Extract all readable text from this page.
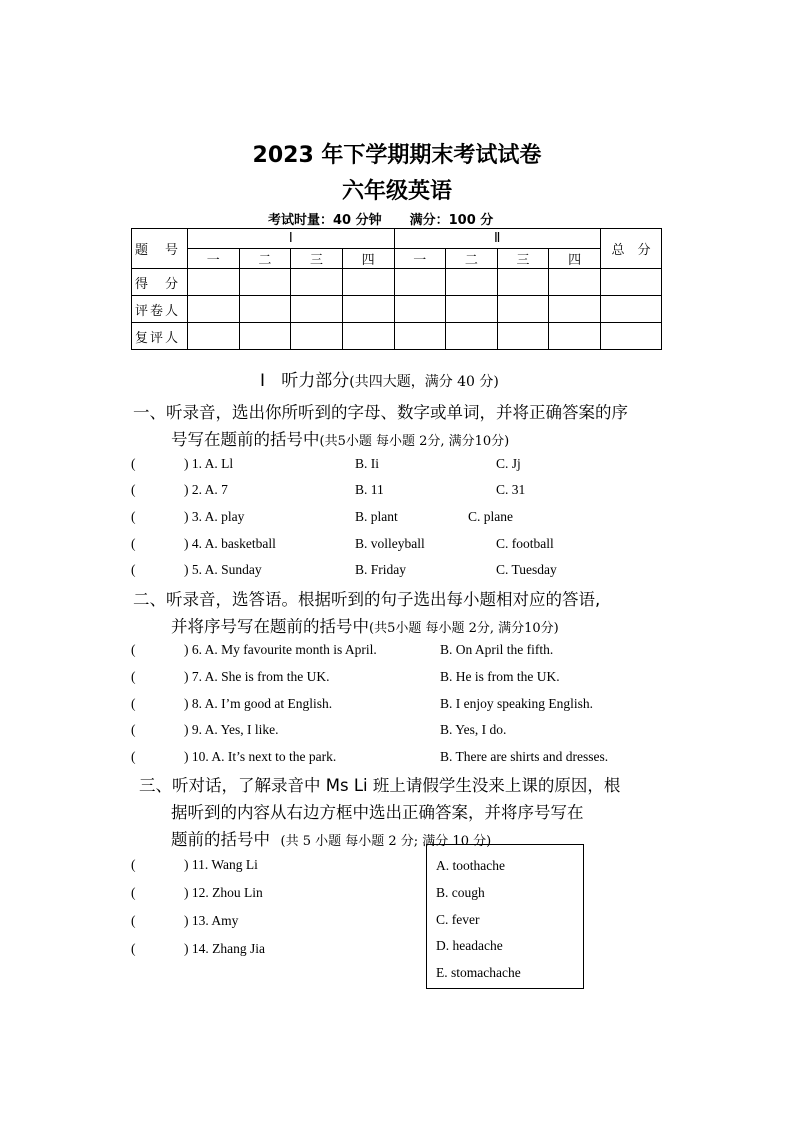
2023 年下学期期末考试试卷
六年级英语
考试时量：40 分钟 满分：100 分
题　号	Ⅰ				Ⅱ				总　分
	一	二	三	四	一	二	三	四	
得　分									
评卷人									
复评人									
Ⅰ 听力部分(共四大题，满分 40 分)
一、听录音，选出你所听到的字母、数字或单词，并将正确答案的序
号写在题前的括号中(共5小题 每小题 2分, 满分10分)
(	) 1. A. Ll	B. Ii	C. Jj
(	) 2. A. 7	B. 11	C. 31
(	) 3. A. play	B. plant	C. plane
(	) 4. A. basketball	B. volleyball	C. football
(	) 5. A. Sunday	B. Friday	C. Tuesday
二、听录音，选答语。根据听到的句子选出每小题相对应的答语,
并将序号写在题前的括号中(共5小题 每小题 2分, 满分10分)
(	) 6. A. My favourite month is April.	B. On April the fifth.
(	) 7. A. She is from the UK.	B. He is from the UK.
(	) 8. A. I’m good at English.	B. I enjoy speaking English.
(	) 9. A. Yes, I like.	B. Yes, I do.
(	) 10. A. It’s next to the park.	B. There are shirts and dresses.
三、听对话，了解录音中 Ms Li 班上请假学生没来上课的原因，根
据听到的内容从右边方框中选出正确答案，并将序号写在
题前的括号中 (共 5 小题 每小题 2 分; 满分 10 分)
(	) 11. Wang Li
(	) 12. Zhou Lin
(	) 13. Amy
(	) 14. Zhang Jia
A. toothache
B. cough
C. fever
D. headache
E. stomachache
